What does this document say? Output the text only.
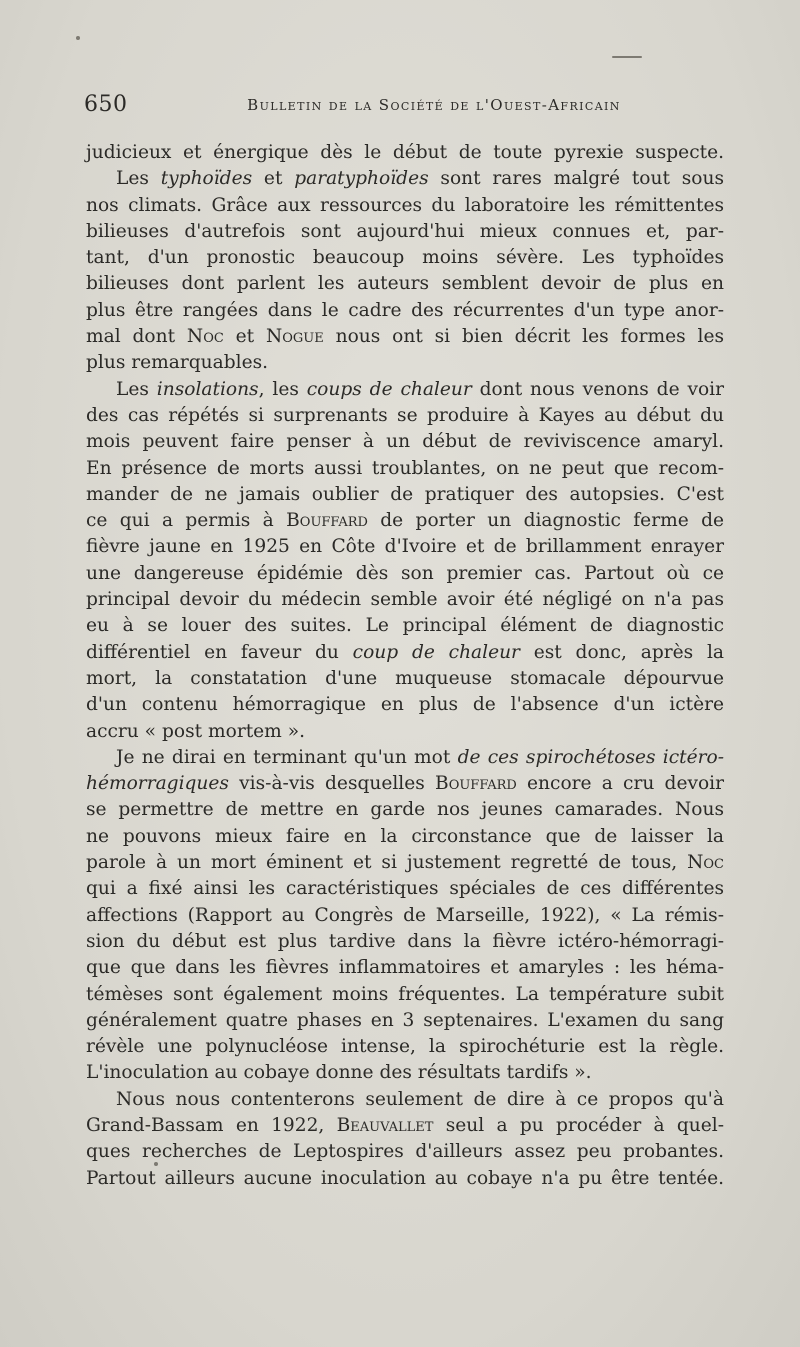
650	Bulletin de la Société de l'Ouest-Africain
judicieux et énergique dès le début de toute pyrexie suspecte.
Les typhoïdes et paratyphoïdes sont rares malgré tout sous
nos climats. Grâce aux ressources du laboratoire les rémittentes
bilieuses d'autrefois sont aujourd'hui mieux connues et, par-
tant, d'un pronostic beaucoup moins sévère. Les typhoïdes
bilieuses dont parlent les auteurs semblent devoir de plus en
plus être rangées dans le cadre des récurrentes d'un type anor-
mal dont Noc et Nogue nous ont si bien décrit les formes les
plus remarquables.
Les insolations, les coups de chaleur dont nous venons de voir
des cas répétés si surprenants se produire à Kayes au début du
mois peuvent faire penser à un début de reviviscence amaryl.
En présence de morts aussi troublantes, on ne peut que recom-
mander de ne jamais oublier de pratiquer des autopsies. C'est
ce qui a permis à Bouffard de porter un diagnostic ferme de
fièvre jaune en 1925 en Côte d'Ivoire et de brillamment enrayer
une dangereuse épidémie dès son premier cas. Partout où ce
principal devoir du médecin semble avoir été négligé on n'a pas
eu à se louer des suites. Le principal élément de diagnostic
différentiel en faveur du coup de chaleur est donc, après la
mort, la constatation d'une muqueuse stomacale dépourvue
d'un contenu hémorragique en plus de l'absence d'un ictère
accru « post mortem ».
Je ne dirai en terminant qu'un mot de ces spirochétoses ictéro-
hémorragiques vis-à-vis desquelles Bouffard encore a cru devoir
se permettre de mettre en garde nos jeunes camarades. Nous
ne pouvons mieux faire en la circonstance que de laisser la
parole à un mort éminent et si justement regretté de tous, Noc
qui a fixé ainsi les caractéristiques spéciales de ces différentes
affections (Rapport au Congrès de Marseille, 1922), « La rémis-
sion du début est plus tardive dans la fièvre ictéro-hémorragi-
que que dans les fièvres inflammatoires et amaryles : les héma-
témèses sont également moins fréquentes. La température subit
généralement quatre phases en 3 septenaires. L'examen du sang
révèle une polynucléose intense, la spirochéturie est la règle.
L'inoculation au cobaye donne des résultats tardifs ».
Nous nous contenterons seulement de dire à ce propos qu'à
Grand-Bassam en 1922, Beauvallet seul a pu procéder à quel-
ques recherches de Leptospires d'ailleurs assez peu probantes.
Partout ailleurs aucune inoculation au cobaye n'a pu être tentée.
